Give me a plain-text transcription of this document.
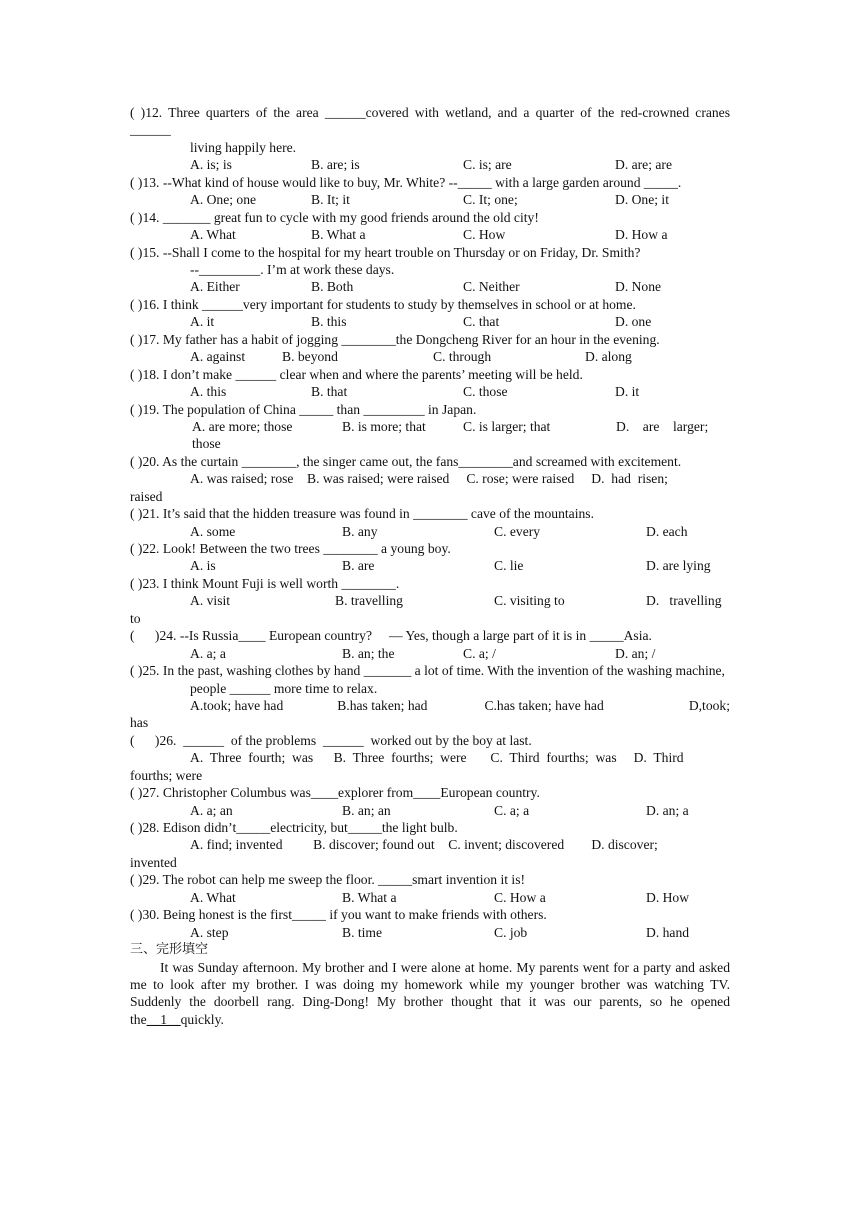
( )12. Three quarters of the area ______covered with wetland, and a quarter of the red-crowned cranes ______
living happily here.
A. is; is	B. are; is	C. is; are	D. are; are
( )13. --What kind of house would like to buy, Mr. White? --_____ with a large garden around _____.
A. One; one	B. It; it	C. It; one;	D. One; it
( )14. _______ great fun to cycle with my good friends around the old city!
A. What	B. What a	C. How	D. How a
( )15. --Shall I come to the hospital for my heart trouble on Thursday or on Friday, Dr. Smith?
--_________. I’m at work these days.
A. Either	B. Both	C. Neither	D. None
( )16. I think ______very important for students to study by themselves in school or at home.
A. it	B. this	C. that	D. one
( )17. My father has a habit of jogging ________the Dongcheng River for an hour in the evening.
A. against	B. beyond	C. through	D. along
( )18. I don’t make ______ clear when and where the parents’ meeting will be held.
A. this	B. that	C. those	D. it
( )19. The population of China _____ than _________ in Japan.
A. are more; those	B. is more; that	C. is larger; that	D.    are    larger;
those
( )20. As the curtain ________, the singer came out, the fans________and screamed with excitement.
A. was raised; rose    B. was raised; were raised     C. rose; were raised     D.  had  risen;
raised
( )21. It’s said that the hidden treasure was found in ________ cave of the mountains.
A. some	B. any	C. every	D. each
( )22. Look! Between the two trees ________ a young boy.
A. is	B. are	C. lie	D. are lying
( )23. I think Mount Fuji is well worth ________.
A. visit	B. travelling	C. visiting to	D.   travelling
to
(      )24. --Is Russia____ European country?     — Yes, though a large part of it is in _____Asia.
A. a; a	B. an; the	C. a; /	D. an; /
( )25. In the past, washing clothes by hand _______ a lot of time. With the invention of the washing machine,
people ______ more time to relax.
A.took; have had	B.has taken; had	C.has taken; have had	D,took;
has
(      )26. ______ of the problems ______ worked out by the boy at last.
A.  Three  fourth;  was      B.  Three  fourths;  were       C.  Third  fourths;  was     D.  Third
fourths; were
( )27. Christopher Columbus was____explorer from____European country.
A. a; an	B. an; an	C. a; a	D. an; a
( )28. Edison didn’t_____electricity, but_____the light bulb.
A. find; invented         B. discover; found out    C. invent; discovered        D. discover;
invented
( )29. The robot can help me sweep the floor. _____smart invention it is!
A. What	B. What a	C. How a	D. How
( )30. Being honest is the first_____ if you want to make friends with others.
A. step	B. time	C. job	D. hand
三、完形填空
It was Sunday afternoon. My brother and I were alone at home. My parents went for a party and asked me to look after my brother. I was doing my homework while my younger brother was watching TV. Suddenly the doorbell rang. Ding-Dong! My brother thought that it was our parents, so he opened the__1__quickly.
